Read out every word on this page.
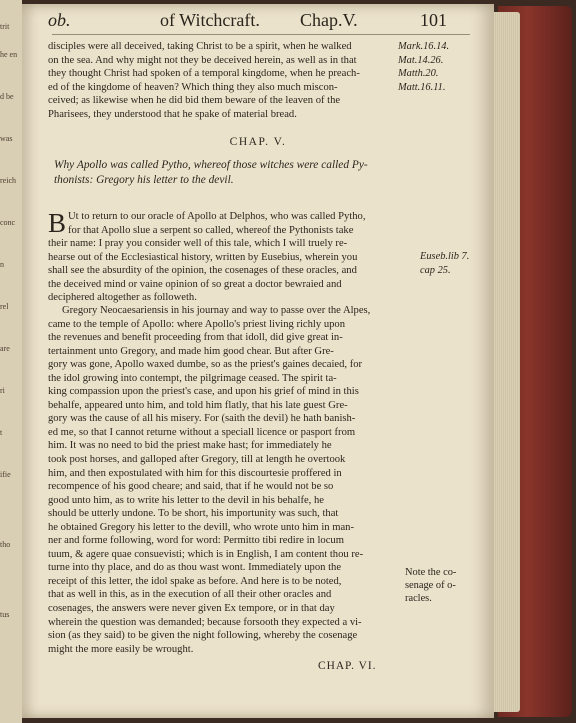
trit
he en
d be
was
reich
conc
n
rel
are
ri
t
ifie
tho
tus
ob.	of Witchcraft. Chap.V.	101
disciples were all deceived, taking Christ to be a spirit, when he walked
on the sea. And why might not they be deceived herein, as well as in that
they thought Christ had spoken of a temporal kingdome, when he preach-
ed of the kingdome of heaven? Which thing they also much miscon-
ceived; as likewise when he did bid them beware of the leaven of the
Pharisees, they understood that he spake of material bread.
Mark.16.14.
Mat.14.26.
Matth.20.
Matt.16.11.
CHAP. V.
Why Apollo was called Pytho, whereof those witches were called Py-
thonists: Gregory his letter to the devil.
B Ut to return to our oracle of Apollo at Delphos, who was called Pytho,
for that Apollo slue a serpent so called, whereof the Pythonists take
their name: I pray you consider well of this tale, which I will truely re-
hearse out of the Ecclesiastical history, written by Eusebius, wherein you
shall see the absurdity of the opinion, the cosenages of these oracles, and
the deceived mind or vaine opinion of so great a doctor bewraied and
deciphered altogether as followeth.
Euseb.lib 7.
cap 25.
Gregory Neocaesariensis in his journay and way to passe over the Alpes,
came to the temple of Apollo: where Apollo's priest living richly upon
the revenues and benefit proceeding from that idoll, did give great in-
tertainment unto Gregory, and made him good chear. But after Gre-
gory was gone, Apollo waxed dumbe, so as the priest's gaines decaied, for
the idol growing into contempt, the pilgrimage ceased. The spirit ta-
king compassion upon the priest's case, and upon his grief of mind in this
behalfe, appeared unto him, and told him flatly, that his late guest Gre-
gory was the cause of all his misery. For (saith the devil) he hath banish-
ed me, so that I cannot returne without a speciall licence or pasport from
him. It was no need to bid the priest make hast; for immediately he
took post horses, and galloped after Gregory, till at length he overtook
him, and then expostulated with him for this discourtesie proffered in
recompence of his good cheare; and said, that if he would not be so
good unto him, as to write his letter to the devil in his behalfe, he
should be utterly undone. To be short, his importunity was such, that
he obtained Gregory his letter to the devill, who wrote unto him in man-
ner and forme following, word for word: Permitto tibi redire in locum
tuum, & agere quae consuevisti; which is in English, I am content thou re-
turne into thy place, and do as thou wast wont. Immediately upon the
receipt of this letter, the idol spake as before. And here is to be noted,
that as well in this, as in the execution of all their other oracles and
cosenages, the answers were never given Ex tempore, or in that day
wherein the question was demanded; because forsooth they expected a vi-
sion (as they said) to be given the night following, whereby the cosenage
might the more easily be wrought.
Note the co-
senage of o-
racles.
CHAP. VI.
